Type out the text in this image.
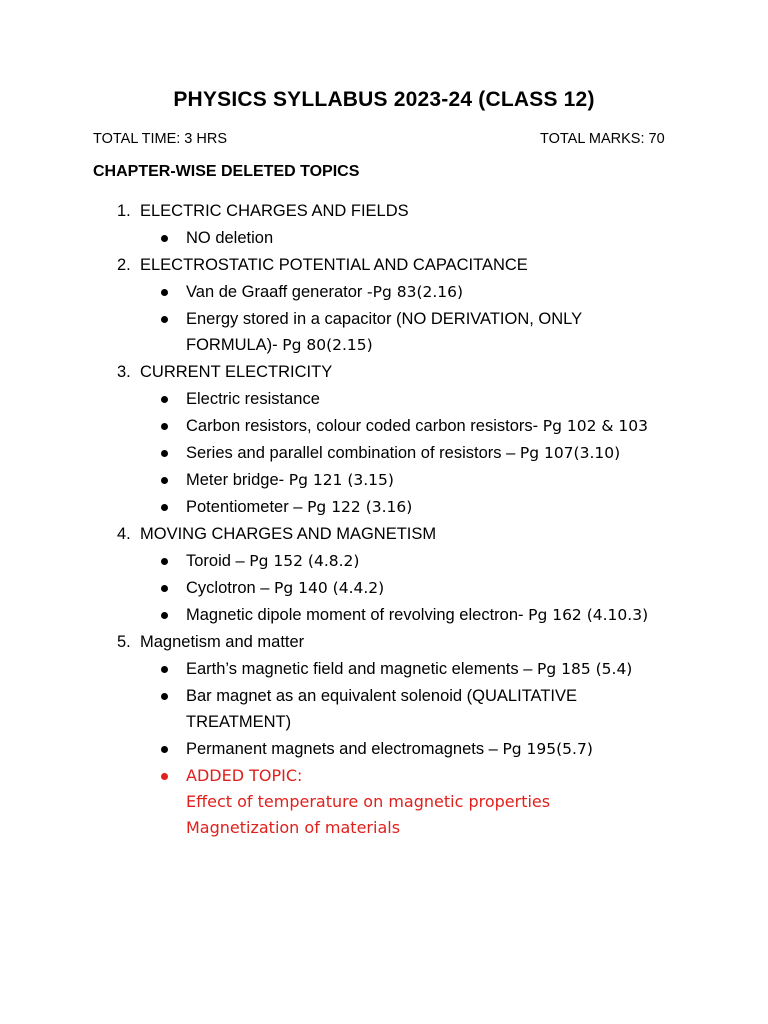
PHYSICS SYLLABUS 2023-24 (CLASS 12)
TOTAL TIME: 3 HRS	TOTAL MARKS: 70
CHAPTER-WISE DELETED TOPICS
1. ELECTRIC CHARGES AND FIELDS
NO deletion
2. ELECTROSTATIC POTENTIAL AND CAPACITANCE
Van de Graaff generator -Pg 83(2.16)
Energy stored in a capacitor (NO DERIVATION, ONLY FORMULA)- Pg 80(2.15)
3. CURRENT ELECTRICITY
Electric resistance
Carbon resistors, colour coded carbon resistors- Pg 102 & 103
Series and parallel combination of resistors – Pg 107(3.10)
Meter bridge- Pg 121 (3.15)
Potentiometer – Pg 122 (3.16)
4. MOVING CHARGES AND MAGNETISM
Toroid – Pg 152 (4.8.2)
Cyclotron – Pg 140 (4.4.2)
Magnetic dipole moment of revolving electron- Pg 162 (4.10.3)
5. Magnetism and matter
Earth’s magnetic field and magnetic elements – Pg 185 (5.4)
Bar magnet as an equivalent solenoid (QUALITATIVE TREATMENT)
Permanent magnets and electromagnets – Pg 195(5.7)
ADDED TOPIC:
Effect of temperature on magnetic properties
Magnetization of materials
